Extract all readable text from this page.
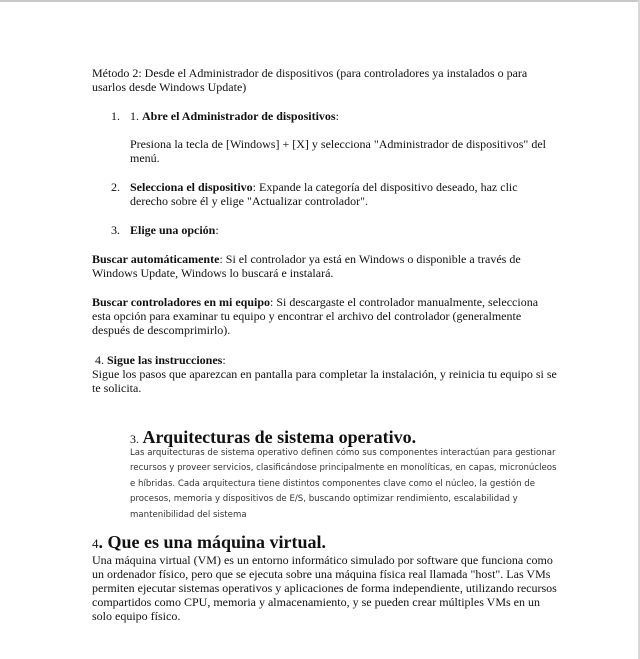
Método 2: Desde el Administrador de dispositivos (para controladores ya instalados o para usarlos desde Windows Update)

1. 1. Abre el Administrador de dispositivos:

Presiona la tecla de [Windows] + [X] y selecciona "Administrador de dispositivos" del menú.

2. Selecciona el dispositivo: Expande la categoría del dispositivo deseado, haz clic derecho sobre él y elige "Actualizar controlador".

3. Elige una opción:

Buscar automáticamente: Si el controlador ya está en Windows o disponible a través de Windows Update, Windows lo buscará e instalará.

Buscar controladores en mi equipo: Si descargaste el controlador manualmente, selecciona esta opción para examinar tu equipo y encontrar el archivo del controlador (generalmente después de descomprimirlo).

4. Sigue las instrucciones:

Sigue los pasos que aparezcan en pantalla para completar la instalación, y reinicia tu equipo si se te solicita.

3. Arquitecturas de sistema operativo.

Las arquitecturas de sistema operativo definen cómo sus componentes interactúan para gestionar recursos y proveer servicios, clasificándose principalmente en monolíticas, en capas, micronúcleos e híbridas. Cada arquitectura tiene distintos componentes clave como el núcleo, la gestión de procesos, memoria y dispositivos de E/S, buscando optimizar rendimiento, escalabilidad y mantenibilidad del sistema

4. Que es una máquina virtual.

Una máquina virtual (VM) es un entorno informático simulado por software que funciona como un ordenador físico, pero que se ejecuta sobre una máquina física real llamada "host". Las VMs permiten ejecutar sistemas operativos y aplicaciones de forma independiente, utilizando recursos compartidos como CPU, memoria y almacenamiento, y se pueden crear múltiples VMs en un solo equipo físico.
